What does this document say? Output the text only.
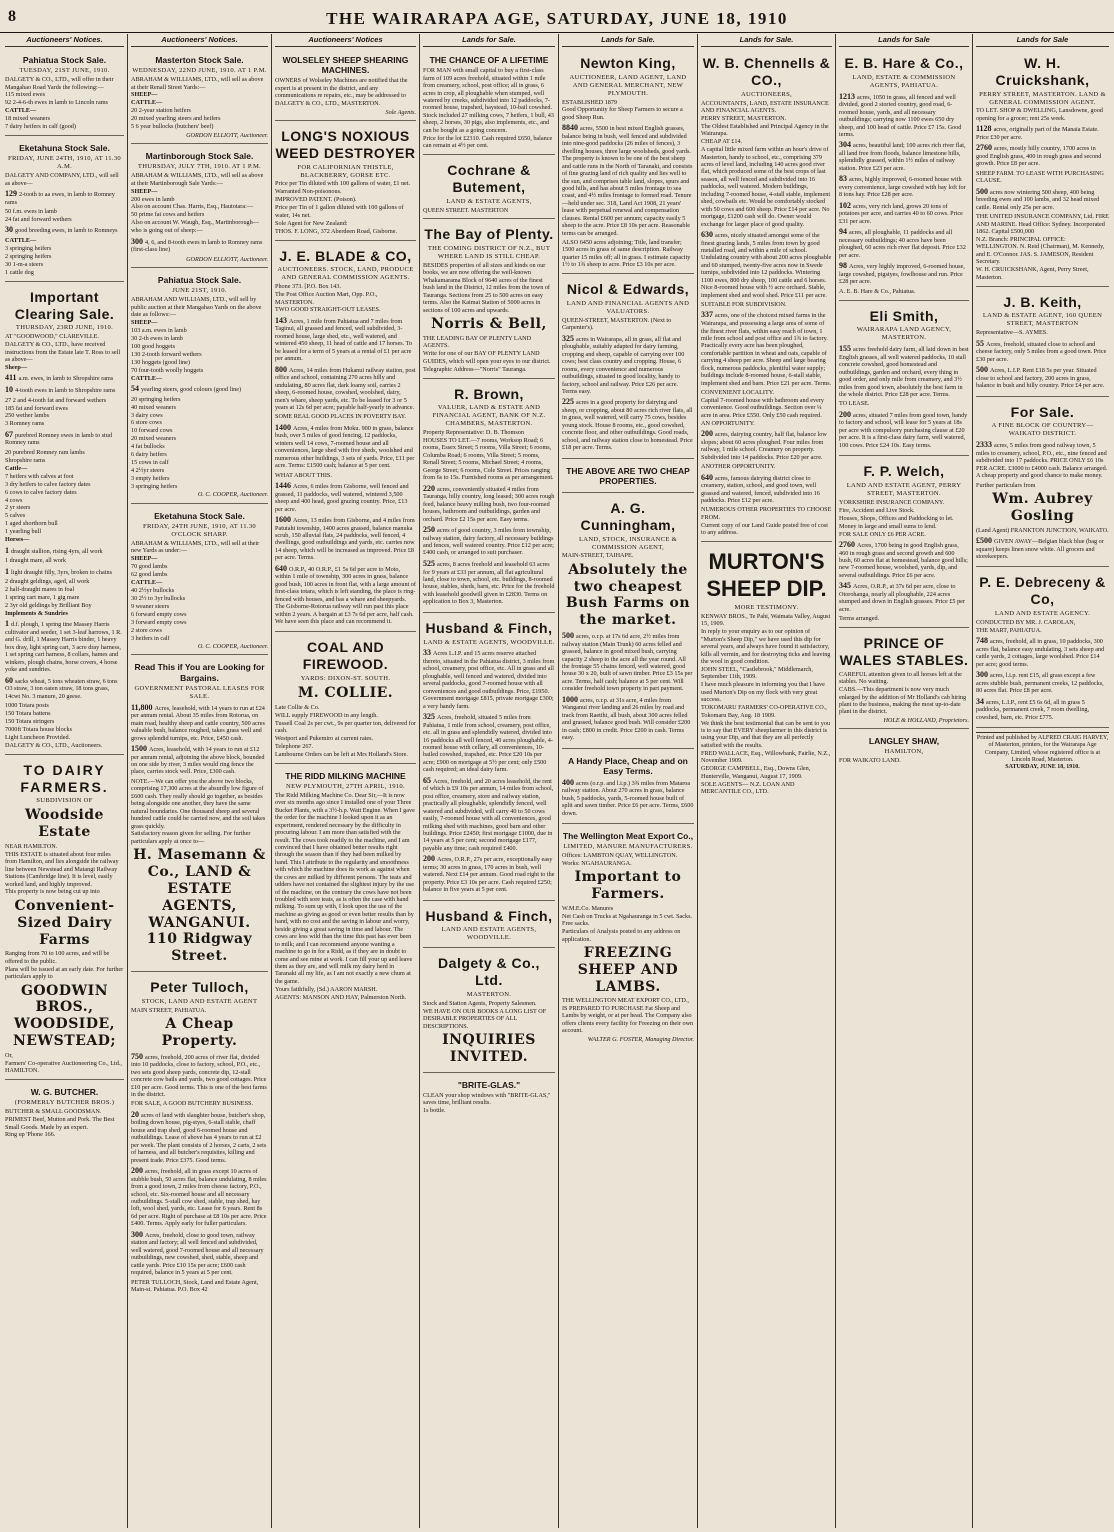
8	THE WAIRARAPA AGE, SATURDAY, JUNE 18, 1910
Auctioneers' Notices.
Pahiatua Stock Sale.
TUESDAY, 21ST JUNE, 1910.
DALGETY & CO., LTD., will offer in their Mangahao Road Yards the following:—
115 mixed ewes
92 2-4-6-th ewes in lamb to Lincoln rams
CATTLE—
18 mixed weaners
7 dairy heifers in calf (good)
Eketahuna Stock Sale.
FRIDAY, JUNE 24TH, 1910, AT 11.30 A.M.
DALGETY AND COMPANY, LTD., will sell as above—
129 2-tooth to aa ewes, in lamb to Romney rams
50 f.m. ewes in lamb
24 fat and forward wethers
30 good breeding ewes, in lamb to Romneys
CATTLE—
3 springing heifers
2 springing heifers
30 1-m-a steers
1 cattle dog
Important Clearing Sale.
THURSDAY, 23RD JUNE, 1910.
AT "GOODWOOD," CLAREVILLE.
DALGETY & CO., LTD., have received instructions from the Estate late T. Ross to sell as above—
Sheep—
411 a.m. ewes, in lamb to Shropshire rams
10 4-tooth ewes in lamb to Shropshire rams
27 2 and 4-tooth fat and forward wethers
185 fat and forward ewes
250 wether lambs
3 Romney rams
67 purebred Romney ewes in lamb to stud Romney rams
20 purebred Romney ram lambs
Shropshire rams
Cattle—
7 heifers with calves at foot
3 dry heifers to calve factory dates
6 cows to calve factory dates
4 cows
2 yr steers
5 calves
1 aged shorthorn bull
1 yearling bull
Horses—
1 draught stallion, rising 4yrs, all work
1 draught mare, all work
1 light draught filly, 3yrs, broken to chains
2 draught geldings, aged, all work
2 half-draught mares in foal
1 spring cart mare, 1 gig mare
2 3yr old geldings by Brilliant Boy
Implements & Sundries
1 d.f. plough, 1 spring tine Massey Harris cultivator and seeder, 1 set 3-leaf harrows, 1 R. and G. drill, 1 Massey Harris binder, 1 heavy box dray, light spring cart, 3 acre dray harness, 1 set spring cart harness, 8 collars, hames and winkers, plough chains, horse covers, 4 horse yoke and sundries.
60 sacks wheat, 5 tons wheaten straw, 6 tons O3 straw, 3 ton oaten straw, 18 tons grass, 14cwt No. 3 manure, 20 geese.
1000 Totara posts
150 Totara battens
150 Totara stringers
7000ft Totara house blocks
Light Luncheon Provided.
DALGETY & CO., LTD., Auctioneers.
TO DAIRY FARMERS.
SUBDIVISION OF
Woodside Estate
NEAR HAMILTON.
THIS ESTATE is situated about four miles from Hamilton, and lies alongside the railway line between Newstead and Matangi Railway Stations (Cambridge line). It is level, easily worked land, and highly improved.
This property is now being cut up into
Convenient-Sized Dairy Farms
Ranging from 70 to 100 acres, and will be offered to the public.
Plans will be issued at an early date. For further particulars apply to
GOODWIN BROS., WOODSIDE, NEWSTEAD;
Or,
Farmers' Co-operative Auctioneering Co., Ltd., HAMILTON.
W. G. BUTCHER.
(FORMERLY BUTCHER BROS.)
BUTCHER & SMALL GOODSMAN.
PRIMEST Beef, Mutton and Pork. The Best Small Goods. Made by an expert.
Ring up 'Phone 166.
Auctioneers' Notices.
Masterton Stock Sale.
WEDNESDAY, 22ND JUNE, 1910. AT 1 P.M.
ABRAHAM & WILLIAMS, LTD., will sell as above at their Renall Street Yards:—
SHEEP—
CATTLE—
20 2-year station heifers
20 mixed yearling steers and heifers
5 6 year bullocks (butchers' beef)
GORDON ELLIOTT, Auctioneer.
Martinborough Stock Sale.
THURSDAY, JULY 7TH, 1910. AT 1 P.M.
ABRAHAM & WILLIAMS, LTD., will sell as above at their Martinborough Sale Yards:—
SHEEP—
200 ewes in lamb
Also on account Chas. Harris, Esq., Hautotara:—
50 prime fat cows and heifers
Also on account W. Waugh, Esq., Martinborough—
who is going out of sheep:—
300 4, 6, and 8-tooth ewes in lamb to Romney rams (first-class line)
GORDON ELLIOTT, Auctioneer.
Pahiatua Stock Sale.
JUNE 21ST, 1910.
ABRAHAM AND WILLIAMS, LTD., will sell by public auction at their Mangahao Yards on the above date as follows:—
SHEEP—
103 a.m. ewes in lamb
30 2-th ewes in lamb
100 good hoggets
130 2-tooth forward wethers
130 hoggets (good line)
70 four-tooth woolly hoggets
CATTLE—
54 yearling steers, good colours (good line)
20 springing heifers
40 mixed weaners
3 dairy cows
6 store cows
10 forward cows
20 mixed weaners
4 fat bullocks
6 dairy heifers
15 cows in calf
4 2½yr steers
3 empty heifers
3 springing heifers
O. C. COOPER, Auctioneer.
Eketahuna Stock Sale.
FRIDAY, 24TH JUNE, 1910, AT 11.30 O'CLOCK SHARP.
ABRAHAM & WILLIAMS, LTD., will sell at their new Yards as under:—
SHEEP—
70 good lambs
62 good lambs
CATTLE—
40 2½yr bullocks
30 2½ to 3yr bullocks
9 weaner steers
6 forward empty cows
3 forward empty cows
2 store cows
3 heifers in calf
O. C. COOPER, Auctioneer.
Read This if You are Looking for Bargains.
GOVERNMENT PASTORAL LEASES FOR SALE.
11,800 Acres, leasehold, with 14 years to run at £24 per annum rental. About 35 miles from Rotorua, on main road, healthy sheep and cattle country, 500 acres valuable bush, balance roughed, takes grass well and grows splendid turnips, etc. Price, £450 cash.
1500 Acres, leasehold, with 14 years to run at £12 per annum rental, adjoining the above block, bounded on one side by river, 3 miles would ring fence the place, carries stock well. Price, £300 cash.
NOTE.—We can offer you the above two blocks, comprising 17,300 acres at the absurdly low figure of £600 cash. They really should go together, as besides being alongside one another, they have the same natural boundaries. One thousand sheep and several hundred cattle could be carried now, and the soil takes grass quickly.
Satisfactory reason given for selling. For further particulars apply at once to—
H. Masemann & Co., LAND & ESTATE AGENTS, WANGANUI. 110 Ridgway Street.
Peter Tulloch,
STOCK, LAND AND ESTATE AGENT
MAIN STREET, PAHIATUA.
A Cheap Property.
750 acres, freehold, 200 acres of river flat, divided into 10 paddocks, close to factory, school, P.O., etc., two sets good sheep yards, concrete dip, 12-stall concrete cow bails and yards, two good cottages. Price £10 per acre. Good terms. This is one of the best farms in the district.
FOR SALE, A GOOD BUTCHERY BUSINESS.
20 acres of land with slaughter house, butcher's shop, boiling down house, pig-styes, 6-stall stable, chaff house and trap shed, good 6-roomed house and outbuildings. Lease of above has 4 years to run at £2 per week. The plant consists of 2 horses, 2 carts, 2 sets of harness, and all butcher's requisites, killing and present trade. Price £375. Good terms.
200 acres, freehold, all in grass except 10 acres of stubble bush, 50 acres flat, balance undulating, 8 miles from a good town, 2 miles from cheese factory, P.O., school, etc. Six-roomed house and all necessary outbuildings. 5-stall cow shed, stable, trap shed, hay loft, wool shed, yards, etc. Lease for 6 years. Rent 8s 6d per acre. Right of purchase at £8 10s per acre. Price £400. Terms. Apply early for fuller particulars.
300 Acres, freehold, close to good town, railway station and factory; all well fenced and subdivided, well watered, good 7-roomed house and all necessary outbuildings, new cowshed, shed, stable, sheep and cattle yards. Price £10 15s per acre; £600 cash required, balance in 5 years at 5 per cent.
PETER TULLOCH, Stock, Land and Estate Agent, Main-st. Pahiatua. P.O. Box 42
Auctioneers' Notices
WOLSELEY SHEEP SHEARING MACHINES.
OWNERS of Wolseley Machines are notified that the expert is at present in the district, and any communications re repairs, etc., may be addressed to
DALGETY & CO., LTD., MASTERTON.
Sole Agents.
LONG'S NOXIOUS WEED DESTROYER
FOR CALIFORNIAN THISTLE, BLACKBERRY, GORSE ETC.
Price per Tin diluted with 100 gallons of water, £1 net.
Warranted Non-poisonous.
IMPROVED PATENT. (Poison).
Price per Tin of 1 gallon diluted with 100 gallons of water, 14s net.
Sole Agent for New Zealand:
THOS. F. LONG, 372 Aberdeen Road, Gisborne.
J. E. BLADE & CO,
AUCTIONEERS. STOCK, LAND, PRODUCE AND GENERAL COMMISSION AGENTS.
Phone 373. [P.O. Box 143.
The Post Office Auction Mart, Opp. P.O., MASTERTON.
TWO GOOD STRAIGHT-OUT LEASES.
143 Acres, 1 mile from Pahiatua and 7 miles from Taginui, all grassed and fenced, well subdivided, 3-roomed house, large shed, etc., well watered, and wintered 450 sheep, 11 head of cattle and 17 horses. To be leased for a term of 5 years at a rental of £1 per acre per annum.
800 Acres, 14 miles from Hukanui railway station, post office and school, containing 270 acres hilly and undulating, 80 acres flat, dark loamy soil, carries 2 sheep, 6-roomed house, cowshed, woolshed, dairy, men's whare, sheep yards, etc. To be leased for 3 or 5 years at 12s 6d per acre; payable half-yearly in advance.
SOME REAL GOOD PLACES IN POVERTY BAY.
1400 Acres, 4 miles from Moku. 900 in grass, balance bush, over 5 miles of good fencing, 12 paddocks, winters well 14 cows, 7-roomed house and all conveniences, large shed with five sheds, woolshed and numerous other buildings, 3 sets of yards. Price, £11 per acre. Terms: £1500 cash; balance at 5 per cent.
WHAT ABOUT THIS.
1446 Acres, 6 miles from Gisborne, well fenced and grassed, 11 paddocks, well watered, wintered 3,500 sheep and 400 head, good grazing country. Price, £13 per acre.
1600 Acres, 13 miles from Gisborne, and 4 miles from Patutahi township, 1400 acres grassed, balance manuka scrub, 150 alluvial flats, 24 paddocks, well fenced, 4 dwellings, good outbuildings and yards, etc. carries now 14 sheep, which will be increased as improved. Price £8 per acre. Terms.
640 O.R.P., 40 O.R.P., £1 5s 6d per acre to Moto, within 1 mile of township, 300 acres in grass, balance good bush, 100 acres in front flat, with a large amount of first-class totara, which is left standing, the place is ring-fenced with houses, and has a whare and sheepyards. The Gisborne-Rotorua railway will run past this place within 2 years. A bargain at £3 7s 6d per acre, half cash. We have seen this place and can recommend it.
COAL AND FIREWOOD.
YARDS: DIXON-ST. SOUTH.
M. COLLIE.
Late Collie & Co.
WILL supply FIREWOOD in any length.
Tussell Coal 2s per cwt., 9s per quarter ton, delivered for cash.
Westport and Pukemiro at current rates.
Telephone 267.
Lambourne Orders can be left at Mrs Holland's Store.
THE RIDD MILKING MACHINE
NEW PLYMOUTH, 27TH APRIL, 1910.
The Ridd Milking Machine Co. Dear Sir,—It is now over six months ago since I installed one of your Three Bucket Plants, with a 3½-h.p. Watt Engine. When I gave the order for the machine I looked upon it as an experiment, rendered necessary by the difficulty in procuring labour. I am more than satisfied with the result. The cows took readily to the machine, and I am convinced that I have obtained better results right through the season than if they had been milked by hand. This I attribute to the regularity and smoothness with which the machine does its work as against when the cows are milked by different persons. The teats and udders have not contained the slightest injury by the use of the machine, on the contrary the cows have not been troubled with sore teats, as is often the case with hand milking. To sum up with, I look upon the use of the machine as giving as good or even better results than by hand, with no cost and the saving in labour and worry, beside giving a great saving in time and labour. The cows are less wild than the time this past has ever been to milk; and I can recommend anyone wanting a machine to go in for a Ridd, as if they are in doubt to come and see mine at work. I can fill your up and leave them as they are, and will milk my dairy herd in Taranaki all my life, as I am not exactly a new chum at the game.
Yours faithfully, (Sd.) AARON MARSH.
AGENTS: MANSON AND HAY, Palmerston North.
Lands for Sale.
THE CHANCE OF A LIFETIME
FOR MAN with small capital to buy a first-class farm of 109 acres freehold, situated within 1 mile from creamery, school, post office; all in grass, 6 acres in crop, all ploughable when stumped, well watered by creeks, subdivided into 12 paddocks, 7-roomed house, trapshed, haystead, 10-bail cowshed. Stock included 27 milking cows, 7 heifers, 1 bull, 43 sheep, 2 horses, 30 pigs, also implements, etc., and can be bought as a going concern.
Price for the lot £2310. Cash required £650, balance can remain at 4½ per cent.
Cochrane & Butement,
LAND & ESTATE AGENTS,
QUEEN STREET. MASTERTON
The Bay of Plenty.
THE COMING DISTRICT OF N.Z., BUT WHERE LAND IS STILL CHEAP.
BESIDES properties of all sizes and kinds on our books, we are now offering the well-known Whakamarama Block of 9640 acres of the finest bush land in the District, 12 miles from the town of Tauranga. Sections from 25 to 500 acres on easy terms. Also the Kaimai Station of 5000 acres in sections of 100 acres and upwards.
Norris & Bell,
THE LEADING BAY OF PLENTY LAND AGENTS.
Write for one of our BAY OF PLENTY LAND GUIDES, which will open your eyes to our district.
Telegraphic Address—"Norris" Tauranga.
R. Brown,
VALUER, LAND & ESTATE AND FINANCIAL AGENT, BANK OF N.Z. CHAMBERS, MASTERTON.
Property Representative: D. B. Thomson
HOUSES TO LET.—7 rooms, Worksop Road; 6 rooms, Essex Street; 5 rooms, Villa Street; 6 rooms, Columba Road; 6 rooms, Villa Street; 5 rooms, Renall Street; 5 rooms, Michael Street; 4 rooms, George Street; 6 rooms, Cole Street. Prices ranging from 6s to 15s. Furnished rooms as per arrangement.
220 acres, conveniently situated 4 miles from Tauranga, hilly country, long leased; 300 acres rough feed, balance heavy milling bush, two four-roomed houses, bathroom and outbuildings, garden and orchard. Price £2 15s per acre. Easy terms.
250 acres of good country, 3 miles from township, railway station, dairy factory, all necessary buildings and fences, well watered country. Price £12 per acre; £400 cash, or arranged to suit purchaser.
525 acres, 8 acres freehold and leasehold 63 acres for 9 years at £33 per annum, all flat agricultural land, close to town, school, etc. buildings, 8-roomed house, stables, sheds, barn, etc. Price for the freehold with leasehold goodwill given in £2830. Terms on application to Box 3, Masterton.
Husband & Finch,
LAND & ESTATE AGENTS, WOODVILLE.
33 Acres L.I.P. and 15 acres reserve attached thereto, situated in the Pahiatua district, 3 miles from school, creamery, post office, etc. All in grass and all ploughable, well fenced and watered, divided into several paddocks, good 7-roomed house with all conveniences and good outbuildings. Price, £1950. Government mortgage £815, private mortgage £300; a very handy farm.
325 Acres, freehold, situated 5 miles from Pahiatua, 1 mile from school, creamery, post office, etc. all in grass and splendidly watered, divided into 16 paddocks all well fenced, 40 acres ploughable, 4-roomed house with cellary, all conveniences, 10-bailed cowshed, trapshed, etc. Price £20 10s per acre; £900 on mortgage at 5½ per cent; only £500 cash required; an ideal dairy farm.
65 Acres, freehold, and 20 acres leasehold, the rent of which is £9 10s per annum, 14 miles from school, post office, creamery, store and railway station, practically all ploughable, splendidly fenced, well watered and subdivided, will carry 40 to 50 cows easily, 7-roomed house with all conveniences, good milking shed with machines, good barn and other buildings. Price £2450; first mortgage £1000, due in 14 years at 5 per cent; second mortgage £177, payable any time; cash required £400.
200 Acres, O.R.P., 27s per acre, exceptionally easy terms; 30 acres in grass, 170 acres in bush, well watered. Next £14 per annum. Good road right to the property. Price £3 10s per acre. Cash required £250; balance in five years at 5 per cent.
Husband & Finch,
LAND AND ESTATE AGENTS, WOODVILLE.
Dalgety & Co., Ltd.
MASTERTON.
Stock and Station Agents, Property Salesmen.
WE HAVE ON OUR BOOKS A LONG LIST OF DESIRABLE PROPERTIES OF ALL DESCRIPTIONS.
INQUIRIES INVITED.
"BRITE-GLAS."
CLEAN your shop windows with "BRITE-GLAS," saves time, brilliant results.
1s bottle.
Lands for Sale.
Newton King,
AUCTIONEER, LAND AGENT, LAND AND GENERAL MERCHANT, NEW PLYMOUTH.
ESTABLISHED 1879
Good Opportunity for Sheep Farmers to secure a good Sheep Run.
8840 acres, 5500 in best mixed English grasses, balance being in bush, well fenced and subdivided into nine-good paddocks (26 miles of fences), 3 dwelling houses, three large woolsheds, good yards. The property is known to be one of the best sheep and cattle runs in the North of Taranaki, and consists of fine grazing land of rich quality and lies well to the sun, and comprises table land, slopes, spurs and good hills, and has about 5 miles frontage to sea coast, and 4½ miles frontage to formed road. Tenure—held under sec. 318, Land Act 1908, 21 years' lease with perpetual renewal and compensation clauses. Rental £600 per annum; capacity easily 5 sheep to the acre. Price £8 10s per acre. Reasonable terms can be arranged.
ALSO 6450 acres adjoining; Title, land transfer; 1500 acres in grass of same description. Railway quarter 15 miles off; all in grass. I estimate capacity 1½ to 1¾ sheep to acre. Price £3 10s per acre.
Nicol & Edwards,
LAND AND FINANCIAL AGENTS AND VALUATORS.
QUEEN-STREET, MASTERTON. (Next to Carpenter's).
325 acres in Wairarapa, all in grass, all flat and ploughable, suitably adapted for dairy farming, cropping and sheep, capable of carrying over 100 cows; best class country and cropping. House, 6 rooms, every convenience and numerous outbuildings, situated in good locality, handy to factory, school and railway. Price £26 per acre. Terms easy.
225 acres in a good property for dairying and sheep, or cropping, about 80 acres rich river flats, all in grass, well watered, will carry 75 cows, besides young stock. House 8 rooms, etc., good cowshed, concrete floor, and other outbuildings. Good roads, school, and railway station close to homestead. Price £18 per acre. Terms.
THE ABOVE ARE TWO CHEAP PROPERTIES.
A. G. Cunningham,
LAND, STOCK, INSURANCE & COMMISSION AGENT,
MAIN-STREET, TAIHAPE.
Absolutely the two cheapest Bush Farms on the market.
500 acres, o.r.p. at 17s 6d acre, 2½ miles from railway station (Main Trunk) 60 acres felled and grassed, balance in good mixed bush, carrying capacity 2 sheep to the acre all the year round. All the frontage 55 chains fenced, well watered, good house 30 x 20, built of sawn timber. Price £3 15s per acre. Terms, half cash; balance at 5 per cent. Will consider freehold town property in part payment.
1000 acres, o.r.p. at 31s acre, 4 miles from Wanganui river landing and 26 miles by road and track from Raetihi, all bush, about 300 acres felled and grassed, balance good bush. Will consider £200 in cash; £800 in credit. Price £200 in cash. Terms easy.
A Handy Place, Cheap and on Easy Terms.
400 acres (o.r.p. and l.i.p.) 3¾ miles from Mataroa railway station. About 270 acres in grass, balance bush, 5 paddocks, yards, 5-roomed house built of split and sawn timber. Price £6 per acre. Terms, £600 down.
The Wellington Meat Export Co.,
LIMITED, MANURE MANUFACTURERS.
Offices: LAMBTON QUAY, WELLINGTON. Works: NGAHAURANGA.
Important to Farmers.
W.M.E.Co. Manures
Net Cash on Trucks at Ngahauranga in 5 cwt. Sacks. Free sacks.
Particulars of Analysis posted to any address on application.
FREEZING SHEEP AND LAMBS.
THE WELLINGTON MEAT EXPORT CO., LTD., IS PREPARED TO PURCHASE Fat Sheep and Lambs by weight, or at per head. The Company also offers clients every facility for Freezing on their own account.
WALTER G. FOSTER, Managing Director.
Lands for Sale.
W. B. Chennells & CO.,
AUCTIONEERS,
ACCOUNTANTS, LAND, ESTATE INSURANCE AND FINANCIAL AGENTS.
PERRY STREET, MASTERTON.
The Oldest Established and Principal Agency in the Wairarapa.
CHEAP AT £14.
A capital little mixed farm within an hour's drive of Masterton, handy to school, etc., comprising 379 acres of level land, including 140 acres good river flat, which produced some of the best crops of last season, all well fenced and subdivided into 16 paddocks, well watered. Modern buildings, including 7-roomed house, 4-stall stable, implement shed, cowbails etc. Would be comfortably stocked with 50 cows and 600 sheep. Price £14 per acre. No mortgage, £1200 cash will do. Owner would exchange for larger place of good quality.
630 acres, nicely situated amongst some of the finest grazing lands, 5 miles from town by good metalled road, and within a mile of school. Undulating country with about 200 acres ploughable and 60 stumped, twenty-five acres now in Swede turnips, subdivided into 12 paddocks. Wintering 1100 ewes, 800 dry sheep, 100 cattle and 6 horses. Nice 8-roomed house with ½ acre orchard. Stable, implement shed and wool shed. Price £11 per acre.
SUITABLE FOR SUBDIVISION.
337 acres, one of the choicest mixed farms in the Wairarapa, and possessing a large area of some of the finest river flats, within easy reach of town, 1 mile from school and post office and 1¾ to factory. Practically every acre has been ploughed, comfortable partition in wheat and oats, capable of carrying 4 sheep per acre. Sheep and large bearing flock, numerous paddocks, plentiful water supply; buildings include 8-roomed house, 6-stall stable, implement shed and barn. Price £21 per acre. Terms.
CONVENIENT LOCALITY.
Capital 7-roomed house with bathroom and every convenience. Good outbuildings. Section over ¼ acre in area. Price £550. Only £50 cash required.
AN OPPORTUNITY.
200 acres, dairying country, half flat, balance low slopes; about 60 acres ploughed. Four miles from railway, 1 mile school. Creamery on property. Subdivided into 14 paddocks. Price £20 per acre.
ANOTHER OPPORTUNITY.
640 acres, famous dairying district close to creamery, station, school, and good town, well grassed and watered, fenced, subdivided into 16 paddocks. Price £12 per acre.
NUMEROUS OTHER PROPERTIES TO CHOOSE FROM.
Current copy of our Land Guide posted free of cost to any address.
MURTON'S SHEEP DIP.
MORE TESTIMONY.
KENWAY BROS., Te Pahi, Waimata Valley, August 15, 1909.
In reply to your enquiry as to our opinion of "Murton's Sheep Dip," we have used this dip for several years, and always have found it satisfactory, kills all vermin, and for destroying ticks and leaving the wool in good condition.
JOHN STEEL, "Castlebrook," Middlemarch, September 11th, 1909.
I have much pleasure in informing you that I have used Murton's Dip on my flock with very great success.
TOKOMARU FARMERS' CO-OPERATIVE CO., Tokomaru Bay, Aug. 18 1909.
We think the best testimonial that can be sent to you is to say that EVERY sheepfarmer in this district is using your Dip, and that they are all perfectly satisfied with the results.
FRED WALLACE, Esq., Willowbank, Fairlie, N.Z., November 1909.
GEORGE CAMPBELL, Esq., Downs Glen, Hunterville, Wanganui, August 17, 1909.
SOLE AGENTS— N.Z. LOAN AND MERCANTILE CO., LTD.
Lands for Sale
E. B. Hare & Co.,
LAND, ESTATE & COMMISSION AGENTS, PAHIATUA.
1213 acres, 1050 in grass, all fenced and well divided, good 2 storied country, good road, 6-roomed house, yards, and all necessary outbuildings; carrying now 1100 ewes 650 dry sheep, and 100 head of cattle. Price £7 15s. Good terms.
304 acres, beautiful land; 100 acres rich river flat, all land free from floods, balance limestone hills, splendidly grassed, within 1½ miles of railway station. Price £23 per acre.
83 acres, highly improved, 6-roomed house with every convenience, large cowshed with bay loft for 8 tons hay. Price £28 per acre.
102 acres, very rich land, grows 20 tons of potatoes per acre, and carries 40 to 60 cows. Price £31 per acre.
94 acres, all ploughable, 11 paddocks and all necessary outbuildings; 40 acres have been ploughed, 60 acres rich river flat deposit. Price £32 per acre.
98 Acres, very highly improved, 6-roomed house, large cowshed, pigstyes, fowlhouse and run. Price £28 per acre.
A. E. B. Hare & Co., Pahiatua.
Eli Smith,
WAIRARAPA LAND AGENCY, MASTERTON.
155 acres freehold dairy farm, all laid down in best English grasses, all well watered paddocks, 10 stall concrete cowshed, good homestead and outbuildings, garden and orchard, every thing in good order, and only mile from creamery, and 3½ miles from good town, absolutely the best farm in the whole district. Price £28 per acre. Terms.
TO LEASE.
200 acres, situated 7 miles from good town, handy to factory and school, will lease for 5 years at 18s per acre with compulsory purchasing clause at £20 per acre. It is a first-class dairy farm, well watered, 100 cows. Price £24 10s. Easy terms.
F. P. Welch,
LAND AND ESTATE AGENT, PERRY STREET, MASTERTON.
YORKSHIRE INSURANCE COMPANY.
Fire, Accident and Live Stock.
Houses, Shops, Offices and Paddocking to let.
Money in large and small sums to lend.
FOR SALE ONLY £6 PER ACRE.
2760 Acres, 1700 being in good English grass, 460 in rough grass and second growth and 600 bush, 60 acres flat at homestead, balance good hills; new 7-roomed house, woolshed, yards, dip, and several outbuildings. Price £6 per acre.
345 Acres, O.R.P., at 37s 6d per acre, close to Otorohanga, nearly all ploughable, 224 acres stumped and down in English grasses. Price £5 per acre.
Terms arranged.
PRINCE OF WALES STABLES.
CAREFUL attention given to all horses left at the stables. No waiting.
CABS.—This department is now very much enlarged by the addition of Mr Holland's cab hiring plant to the business, making the most up-to-date plant in the district.
HOLE & HOLLAND, Proprietors.
LANGLEY SHAW,
HAMILTON,
FOR WAIKATO LAND.
Lands for Sale
W. H. Cruickshank,
PERRY STREET, MASTERTON. LAND & GENERAL COMMISSION AGENT.
TO LET. SHOP & DWELLING, Lansdowne, good opening for a grocer; rent 25s week.
1128 acres, originally part of the Manaia Estate. Price £30 per acre.
2760 acres, mostly hilly country, 1700 acres in good English grass, 400 in rough grass and second growth. Price £8 per acre.
SHEEP FARM. TO LEASE WITH PURCHASING CLAUSE.
500 acres now wintering 500 sheep, 400 being breeding ewes and 100 lambs, and 32 head mixed cattle. Rental only 25s per acre.
THE UNITED INSURANCE COMPANY, Ltd. FIRE AND MARINE. Head Office: Sydney. Incorporated 1862. Capital £500,000
N.Z. Branch: PRINCIPAL OFFICE: WELLINGTON. N. Reid (Chairman), M. Kennedy, and E. O'Connor. JAS. S. JAMESON, Resident Secretary.
W. H. CRUICKSHANK, Agent, Perry Street, Masterton.
J. B. Keith,
LAND & ESTATE AGENT, 160 QUEEN STREET, MASTERTON
Representative—S. AYMES.
55 Acres, freehold, situated close to school and cheese factory, only 5 miles from a good town. Price £30 per acre.
500 Acres, L.I.P. Rent £18 5s per year. Situated close to school and factory, 200 acres in grass, balance in bush and hilly country. Price £4 per acre.
For Sale.
A FINE BLOCK OF COUNTRY— WAIKATO DISTRICT.
2333 acres, 5 miles from good railway town, 5 miles to creamery, school, P.O., etc., nine fenced and subdivided into 17 paddocks. PRICE ONLY £6 10s PER ACRE. £3000 to £4000 cash. Balance arranged. A cheap property and good chance to make money.
Further particulars from
Wm. Aubrey Gosling
(Land Agent) FRANKTON JUNCTION, WAIKATO.
£500 GIVEN AWAY—Belgian black blue (bag or square) keeps linen snow white. All grocers and storekeepers.
P. E. Debreceny & Co,
LAND AND ESTATE AGENCY.
CONDUCTED BY MR. J. CAROLAN,
THE MART, PAHIATUA.
748 acres, freehold, all in grass, 10 paddocks, 300 acres flat, balance easy undulating, 3 sets sheep and cattle yards, 2 cottages, large woolshed. Price £14 per acre; good terms.
300 acres, l.i.p. rent £15, all grass except a few acres stubble bush, permanent creeks, 12 paddocks, 80 acres flat. Price £8 per acre.
34 acres, L.I.P., rent £5 6s 6d, all in grass 5 paddocks, permanent creek, 7 room dwelling, cowshed, barn, etc. Price £775.
Printed and published by ALFRED CRAIG HARVEY, of Masterton, printers, for the Wairarapa Age Company, Limited, whose registered office is at Lincoln Road, Masterton.
SATURDAY, JUNE 18, 1910.
